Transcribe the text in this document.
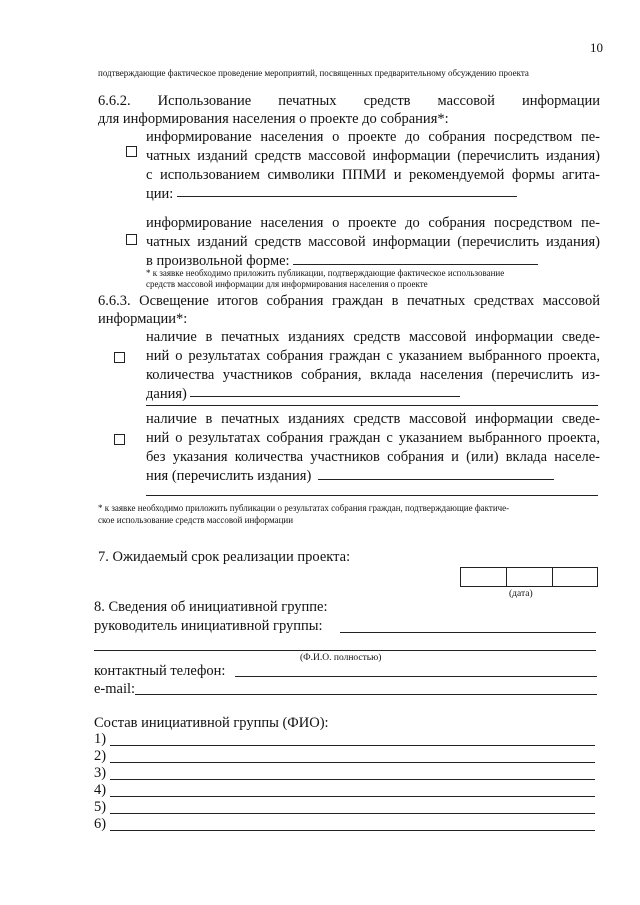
10
подтверждающие фактическое проведение мероприятий, посвященных предварительному обсуждению проекта
6.6.2. Использование печатных средств массовой информации
для информирования населения о проекте до собрания*:
информирование населения о проекте до собрания посредством пе-
чатных изданий средств массовой информации (перечислить издания)
с использованием символики ППМИ и рекомендуемой формы агита-
ции:
информирование населения о проекте до собрания посредством пе-
чатных изданий средств массовой информации (перечислить издания)
в произвольной форме:
* к заявке необходимо приложить публикации, подтверждающие фактическое использование
средств массовой информации для информирования населения о проекте
6.6.3. Освещение итогов собрания граждан в печатных средствах массовой
информации*:
наличие в печатных изданиях средств массовой информации сведе-
ний о результатах собрания граждан с указанием выбранного проекта,
количества участников собрания, вклада населения (перечислить из-
дания)
наличие в печатных изданиях средств массовой информации сведе-
ний о результатах собрания граждан с указанием выбранного проекта,
без указания количества участников собрания и (или) вклада населе-
ния (перечислить издания)
* к заявке необходимо приложить публикации о результатах собрания граждан, подтверждающие фактиче-
ское использование средств массовой информации
7. Ожидаемый срок реализации проекта:
(дата)
8. Сведения об инициативной группе:
руководитель инициативной группы:
(Ф.И.О. полностью)
контактный телефон:
e-mail:
Состав инициативной группы (ФИО):
1)
2)
3)
4)
5)
6)
